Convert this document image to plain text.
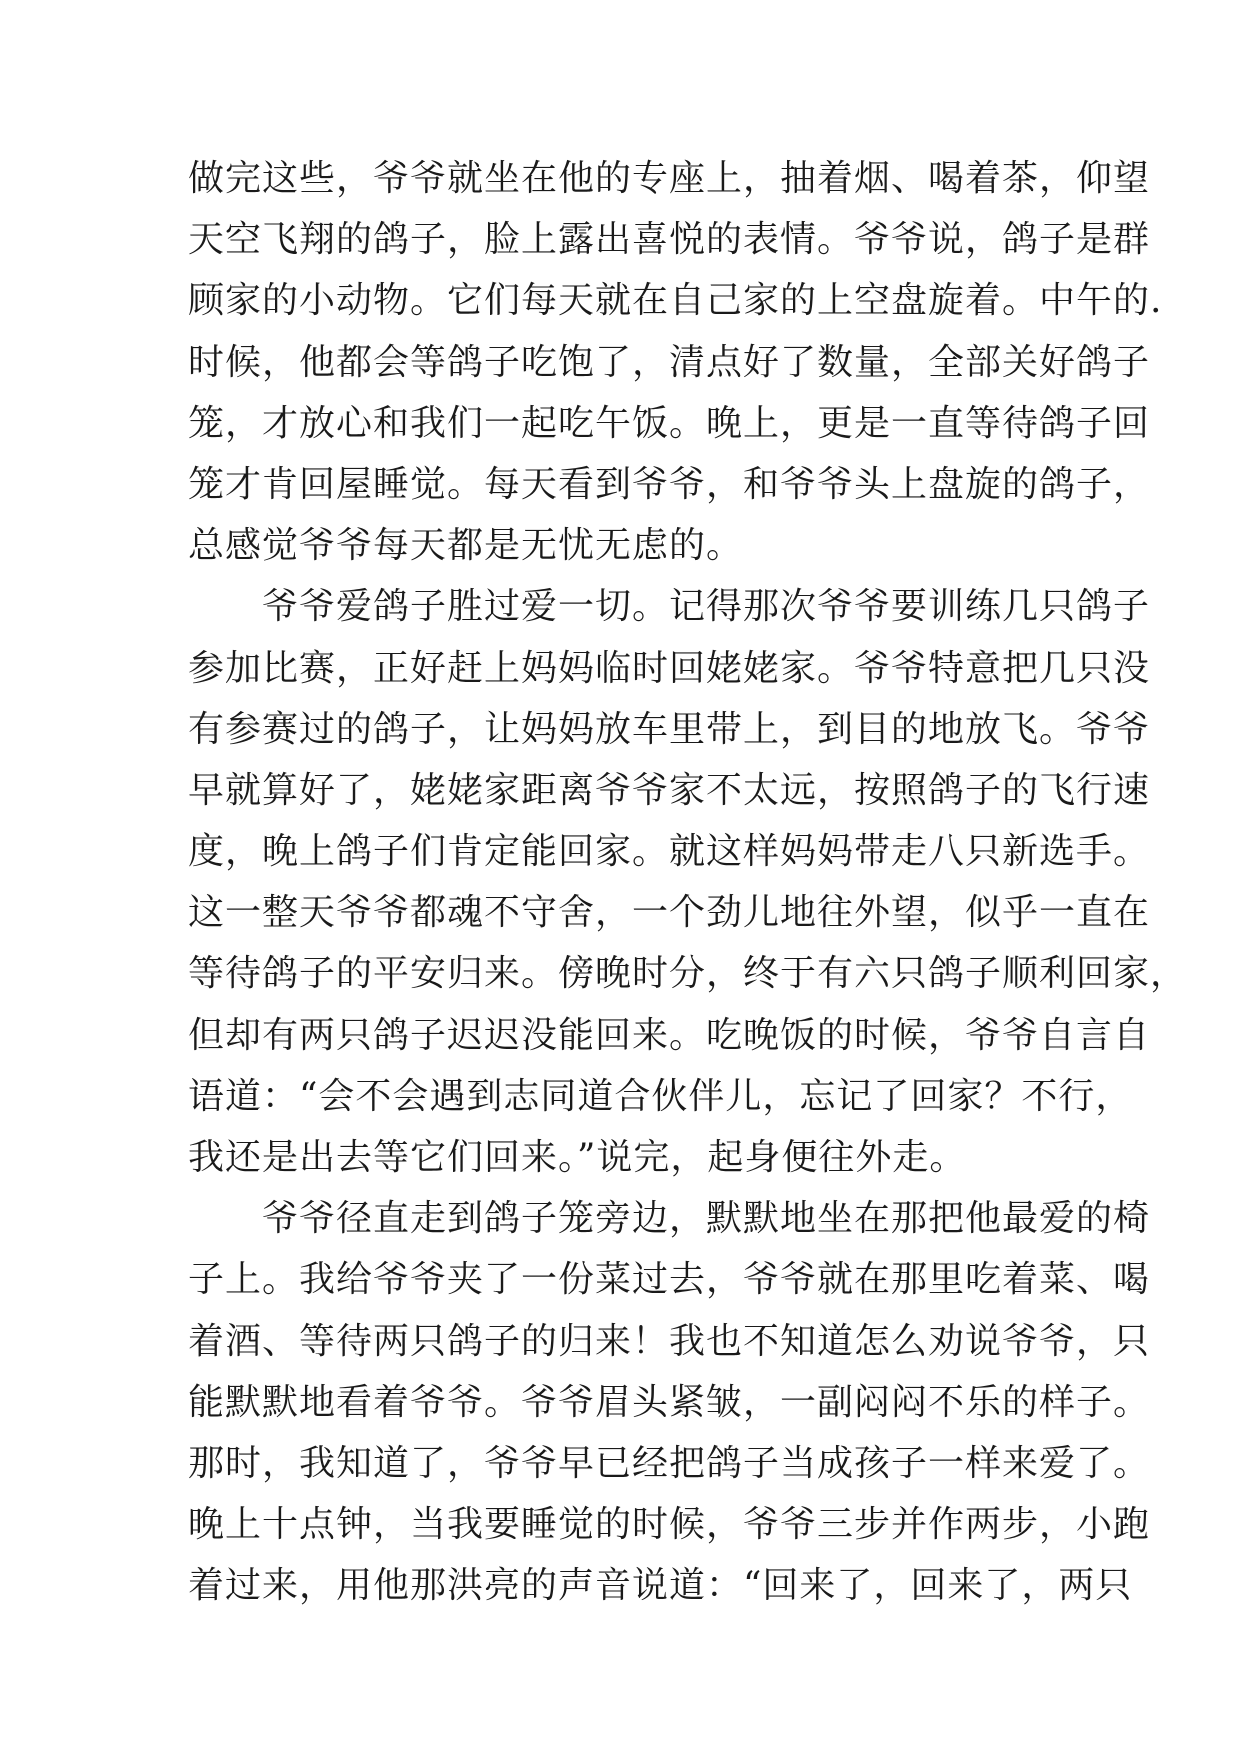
做完这些，爷爷就坐在他的专座上，抽着烟、喝着茶，仰望
天空飞翔的鸽子，脸上露出喜悦的表情。爷爷说，鸽子是群
顾家的小动物。它们每天就在自己家的上空盘旋着。中午的.
时候，他都会等鸽子吃饱了，清点好了数量，全部关好鸽子
笼，才放心和我们一起吃午饭。晚上，更是一直等待鸽子回
笼才肯回屋睡觉。每天看到爷爷，和爷爷头上盘旋的鸽子，
总感觉爷爷每天都是无忧无虑的。
　　爷爷爱鸽子胜过爱一切。记得那次爷爷要训练几只鸽子
参加比赛，正好赶上妈妈临时回姥姥家。爷爷特意把几只没
有参赛过的鸽子，让妈妈放车里带上，到目的地放飞。爷爷
早就算好了，姥姥家距离爷爷家不太远，按照鸽子的飞行速
度，晚上鸽子们肯定能回家。就这样妈妈带走八只新选手。
这一整天爷爷都魂不守舍，一个劲儿地往外望，似乎一直在
等待鸽子的平安归来。傍晚时分，终于有六只鸽子顺利回家，
但却有两只鸽子迟迟没能回来。吃晚饭的时候，爷爷自言自
语道：“会不会遇到志同道合伙伴儿，忘记了回家？不行，
我还是出去等它们回来。”说完，起身便往外走。
　　爷爷径直走到鸽子笼旁边，默默地坐在那把他最爱的椅
子上。我给爷爷夹了一份菜过去，爷爷就在那里吃着菜、喝
着酒、等待两只鸽子的归来！我也不知道怎么劝说爷爷，只
能默默地看着爷爷。爷爷眉头紧皱，一副闷闷不乐的样子。
那时，我知道了，爷爷早已经把鸽子当成孩子一样来爱了。
晚上十点钟，当我要睡觉的时候，爷爷三步并作两步，小跑
着过来，用他那洪亮的声音说道：“回来了，回来了，两只
